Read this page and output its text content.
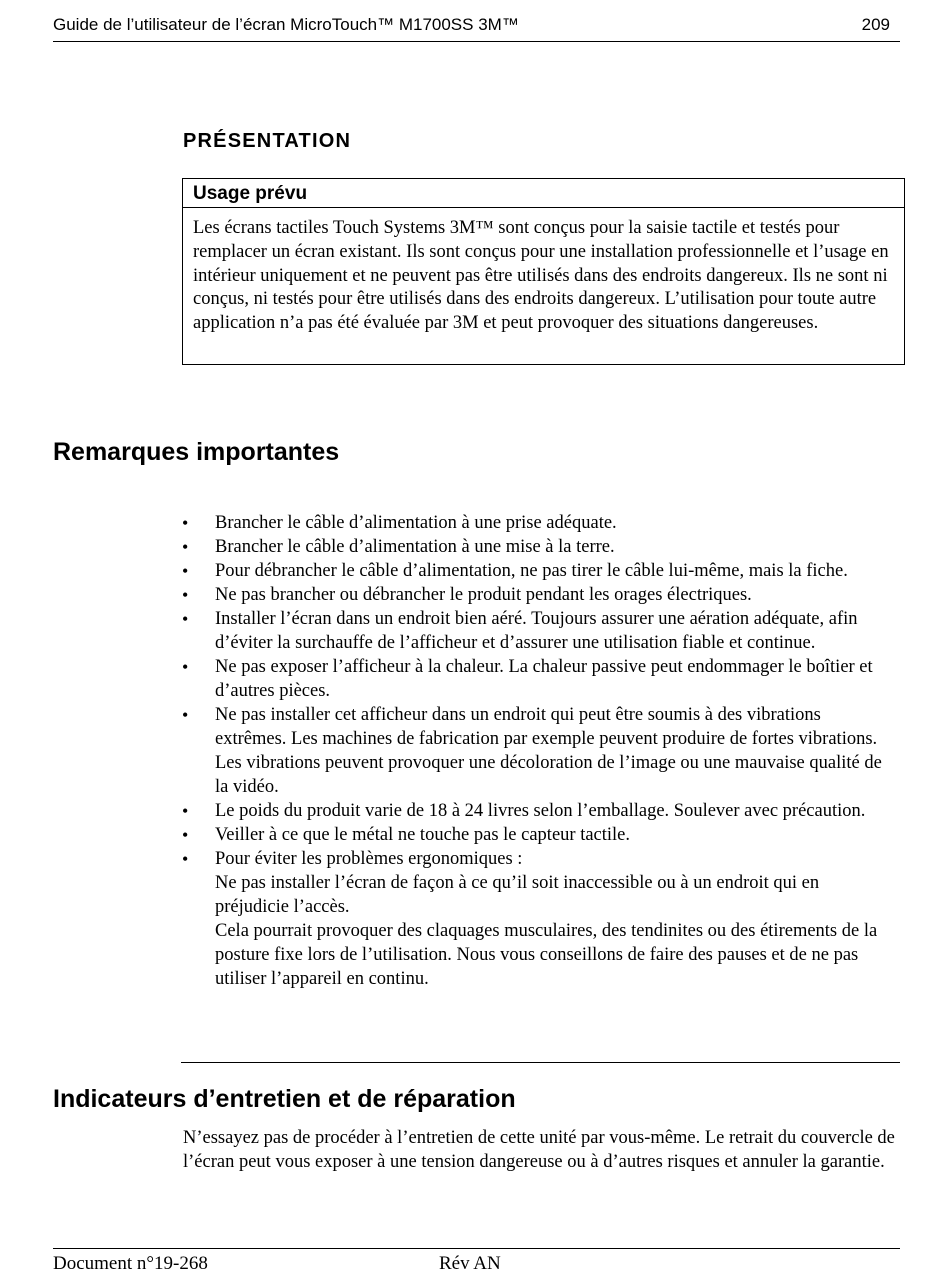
Guide de l’utilisateur de l’écran MicroTouch™ M1700SS 3M™	209
PRÉSENTATION
Usage prévu
Les écrans tactiles Touch Systems 3M™ sont conçus pour la saisie tactile et testés pour remplacer un écran existant. Ils sont conçus pour une installation professionnelle et l’usage en intérieur uniquement et ne peuvent pas être utilisés dans des endroits dangereux. Ils ne sont ni conçus, ni testés pour être utilisés dans des endroits dangereux. L’utilisation pour toute autre application n’a pas été évaluée par 3M et peut provoquer des situations dangereuses.
Remarques importantes
• Brancher le câble d’alimentation à une prise adéquate.
• Brancher le câble d’alimentation à une mise à la terre.
• Pour débrancher le câble d’alimentation, ne pas tirer le câble lui-même, mais la fiche.
• Ne pas brancher ou débrancher le produit pendant les orages électriques.
• Installer l’écran dans un endroit bien aéré. Toujours assurer une aération adéquate, afin d’éviter la surchauffe de l’afficheur et d’assurer une utilisation fiable et continue.
• Ne pas exposer l’afficheur à la chaleur. La chaleur passive peut endommager le boîtier et d’autres pièces.
• Ne pas installer cet afficheur dans un endroit qui peut être soumis à des vibrations extrêmes. Les machines de fabrication par exemple peuvent produire de fortes vibrations. Les vibrations peuvent provoquer une décoloration de l’image ou une mauvaise qualité de la vidéo.
• Le poids du produit varie de 18 à 24 livres selon l’emballage. Soulever avec précaution.
• Veiller à ce que le métal ne touche pas le capteur tactile.
• Pour éviter les problèmes ergonomiques :
Ne pas installer l’écran de façon à ce qu’il soit inaccessible ou à un endroit qui en préjudicie l’accès.
Cela pourrait provoquer des claquages musculaires, des tendinites ou des étirements de la posture fixe lors de l’utilisation. Nous vous conseillons de faire des pauses et de ne pas utiliser l’appareil en continu.
Indicateurs d’entretien et de réparation
N’essayez pas de procéder à l’entretien de cette unité par vous-même. Le retrait du couvercle de l’écran peut vous exposer à une tension dangereuse ou à d’autres risques et annuler la garantie.
Document n°19-268	Rév AN
